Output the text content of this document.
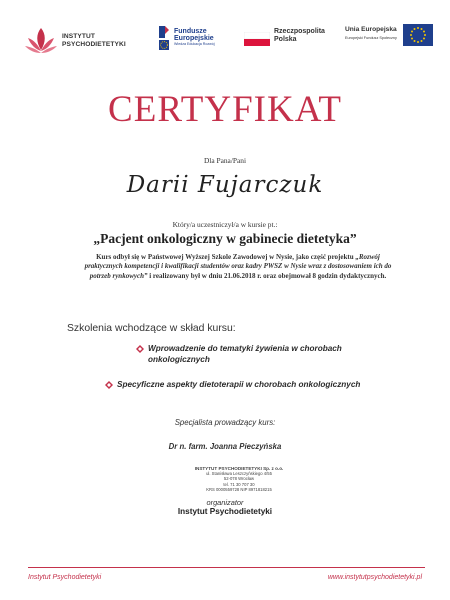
INSTYTUT
PSYCHODIETETYKI
Fundusze
Europejskie
Wiedza Edukacja Rozwój
Rzeczpospolita
Polska
Unia Europejska
Europejski Fundusz Społeczny
CERTYFIKAT
Dla Pana/Pani
Darii Fujarczuk
Który/a uczestniczył/a w kursie pt.:
„Pacjent onkologiczny w gabinecie dietetyka”
Kurs odbył się w Państwowej Wyższej Szkole Zawodowej w Nysie, jako część projektu „Rozwój praktycznych kompetencji i kwalifikacji studentów oraz kadry PWSZ w Nysie wraz z dostosowaniem ich do potrzeb rynkowych” i realizowany był w dniu 21.06.2018 r. oraz obejmował 8 godzin dydaktycznych.
Szkolenia wchodzące w skład kursu:
Wprowadzenie do tematyki żywienia w chorobach onkologicznych
Specyficzne aspekty dietoterapii w chorobach onkologicznych
Specjalista prowadzący kurs:
Dr n. farm. Joanna Pieczyńska
INSTYTUT PSYCHODIETETYKI Sp. z o.o.
ul. Stanisława Leszczyńskiego 4/55
52-078 Wrocław
tel. 71 30 707 30
KRS 0000559728 NIP 8971818215
organizator
Instytut Psychodietetyki
Instytut Psychodietetyki	www.instytutpsychodietetyki.pl
